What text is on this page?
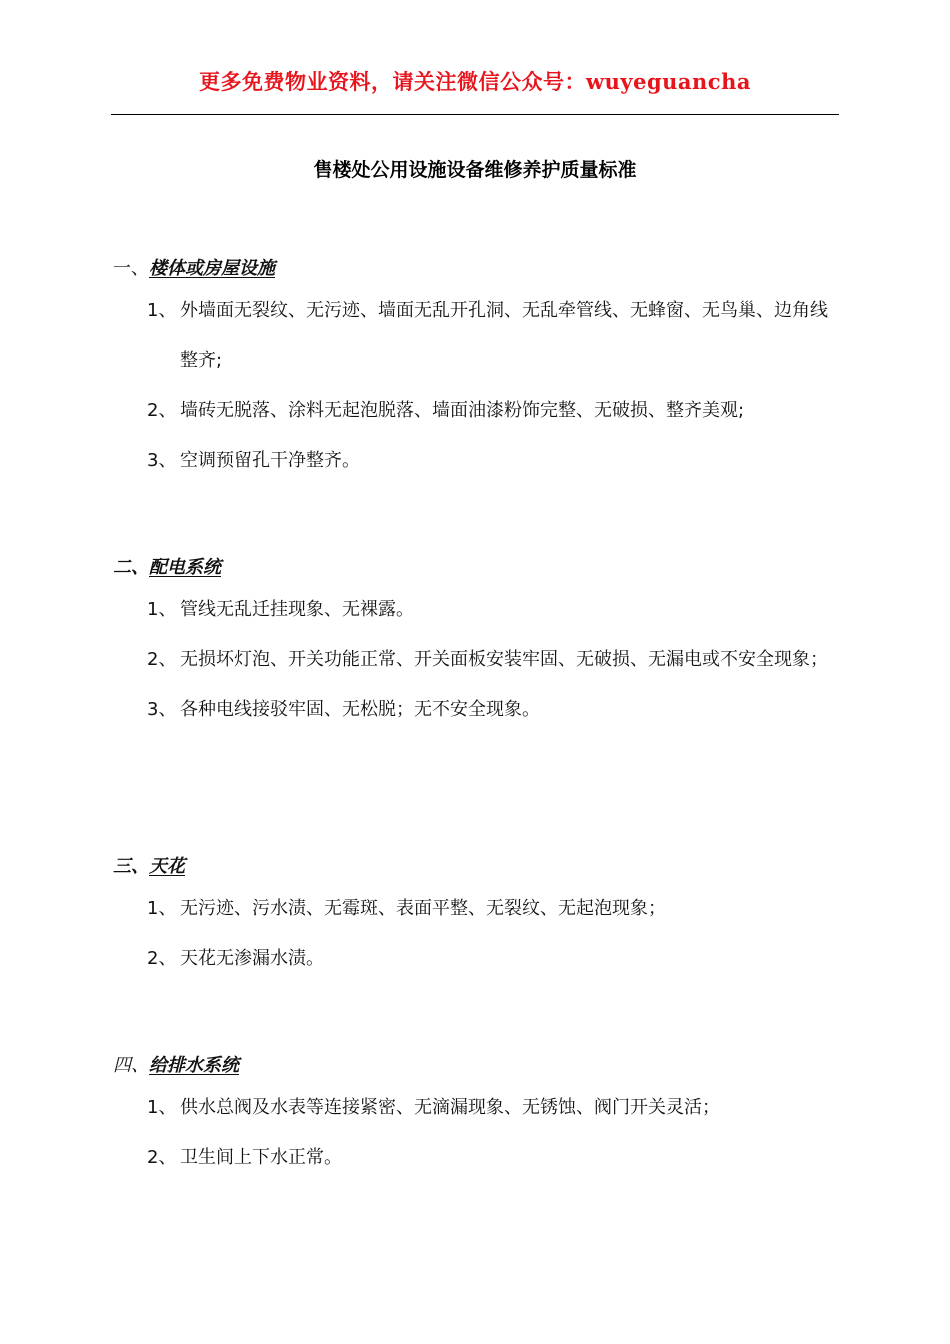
更多免费物业资料，请关注微信公众号：wuyeguancha
售楼处公用设施设备维修养护质量标准
一、楼体或房屋设施
1、 外墙面无裂纹、无污迹、墙面无乱开孔洞、无乱牵管线、无蜂窗、无鸟巢、边角线整齐;
2、 墙砖无脱落、涂料无起泡脱落、墙面油漆粉饰完整、无破损、整齐美观;
3、 空调预留孔干净整齐。
二、配电系统
1、 管线无乱迁挂现象、无裸露。
2、 无损坏灯泡、开关功能正常、开关面板安装牢固、无破损、无漏电或不安全现象；
3、 各种电线接驳牢固、无松脱；无不安全现象。
三、天花
1、 无污迹、污水渍、无霉斑、表面平整、无裂纹、无起泡现象；
2、 天花无渗漏水渍。
四、给排水系统
1、 供水总阀及水表等连接紧密、无滴漏现象、无锈蚀、阀门开关灵活；
2、 卫生间上下水正常。
